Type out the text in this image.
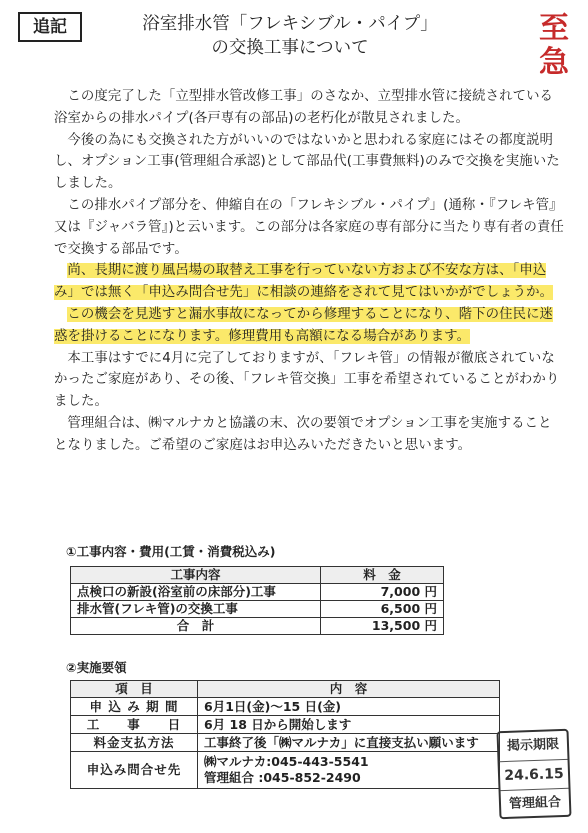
追記	浴室排水管「フレキシブル・パイプ」
の交換工事について
至急

この度完了した「立型排水管改修工事」のさなか、立型排水管に接続されている浴室からの排水パイプ(各戸専有の部品)の老朽化が散見されました。

今後の為にも交換された方がいいのではないかと思われる家庭にはその都度説明し、オプション工事(管理組合承認)として部品代(工事費無料)のみで交換を実施いたしました。

この排水パイプ部分を、伸縮自在の「フレキシブル・パイプ」(通称・『フレキ管』又は『ジャバラ管』)と云います。この部分は各家庭の専有部分に当たり専有者の責任で交換する部品です。

尚、長期に渡り風呂場の取替え工事を行っていない方および不安な方は、「申込み」では無く「申込み問合せ先」に相談の連絡をされて見てはいかがでしょうか。

この機会を見逃すと漏水事故になってから修理することになり、階下の住民に迷惑を掛けることになります。修理費用も高額になる場合があります。

本工事はすでに4月に完了しておりますが、「フレキ管」の情報が徹底されていなかったご家庭があり、その後、「フレキ管交換」工事を希望されていることがわかりました。

管理組合は、㈱マルナカと協議の末、次の要領でオプション工事を実施することとなりました。ご希望のご家庭はお申込みいただきたいと思います。

①工事内容・費用(工賃・消費税込み)
工事内容	料　金
点検口の新設(浴室前の床部分)工事	7,000 円
排水管(フレキ管)の交換工事	6,500 円
合　計	13,500 円
②実施要領
項　目	内　容
申 込 み 期 間	6月1日(金)～15 日(金)
工　　事　　日	6月 18 日から開始します
料金支払方法	工事終了後「㈱マルナカ」に直接支払い願います
申込み問合せ先	㈱マルナカ:045-443-5541
管理組合 :045-852-2490
掲示期限
24.6.15
管理組合
